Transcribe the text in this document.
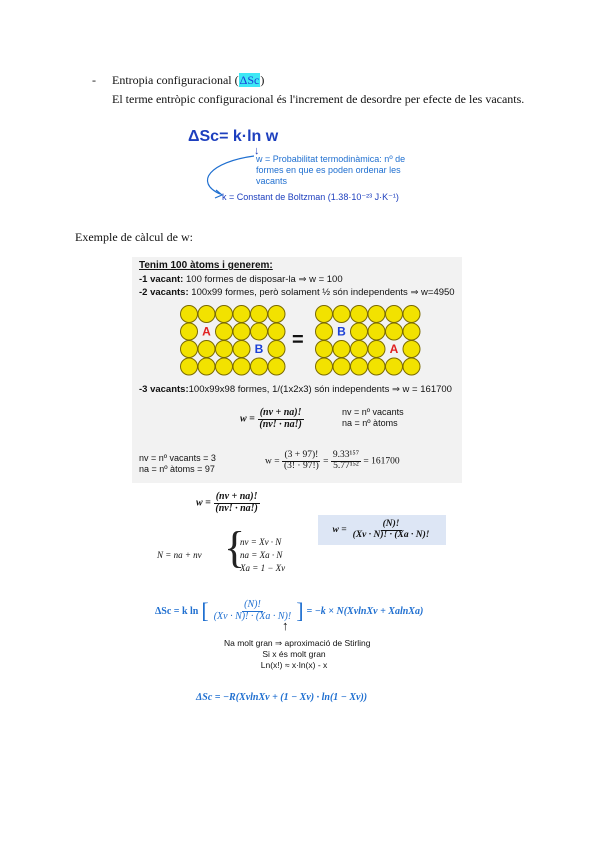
- Entropia configuracional (ΔSc)
El terme entròpic configuracional és l'increment de desordre per efecte de les vacants.
ΔSc= k·ln w
↓
w = Probabilitat termodinàmica: nº de
formes en que es poden ordenar les
vacants
k = Constant de Boltzman (1.38·10⁻²³ J·K⁻¹)
Exemple de càlcul de w:
Tenim 100 àtoms i generem:
-1 vacant: 100 formes de disposar-la ⇒ w = 100
-2 vacants: 100x99 formes, però solament ½ són independents ⇒ w=4950
A
B =	B
A
-3 vacants:100x99x98 formes, 1/(1x2x3) són independents ⇒ w = 161700
$w = \frac{(nv + na)!}{(nv! \cdot na!)}$	nv = nº vacants
na = nº àtoms
nv = nº vacants = 3
na = nº àtoms = 97
$w = \frac{(3 + 97)!}{(3! \cdot 97!)} = \frac{\text{9.33¹⁵⁷}}{\text{5.77¹⁵²}} = 161700$
$w = \frac{(nv + na)!}{(nv! \cdot na!)}$
N = na + nv {
nv = Xv · N
na = Xa · N
Xa = 1 − Xv
$w = \frac{(N)!}{(Xv \cdot N)! \cdot (Xa \cdot N)!}$
ΔSc = k ln [ $\frac{(N)!}{(Xv \cdot N)! \cdot (Xa \cdot N)!}$ ] = −k × N(XvlnXv + XalnXa)
↑
Na molt gran ⇒ aproximació de Stirling
Si x és molt gran
Ln(x!) ≈ x·ln(x) - x
ΔSc = −R(XvlnXv + (1 − Xv) · ln(1 − Xv))
